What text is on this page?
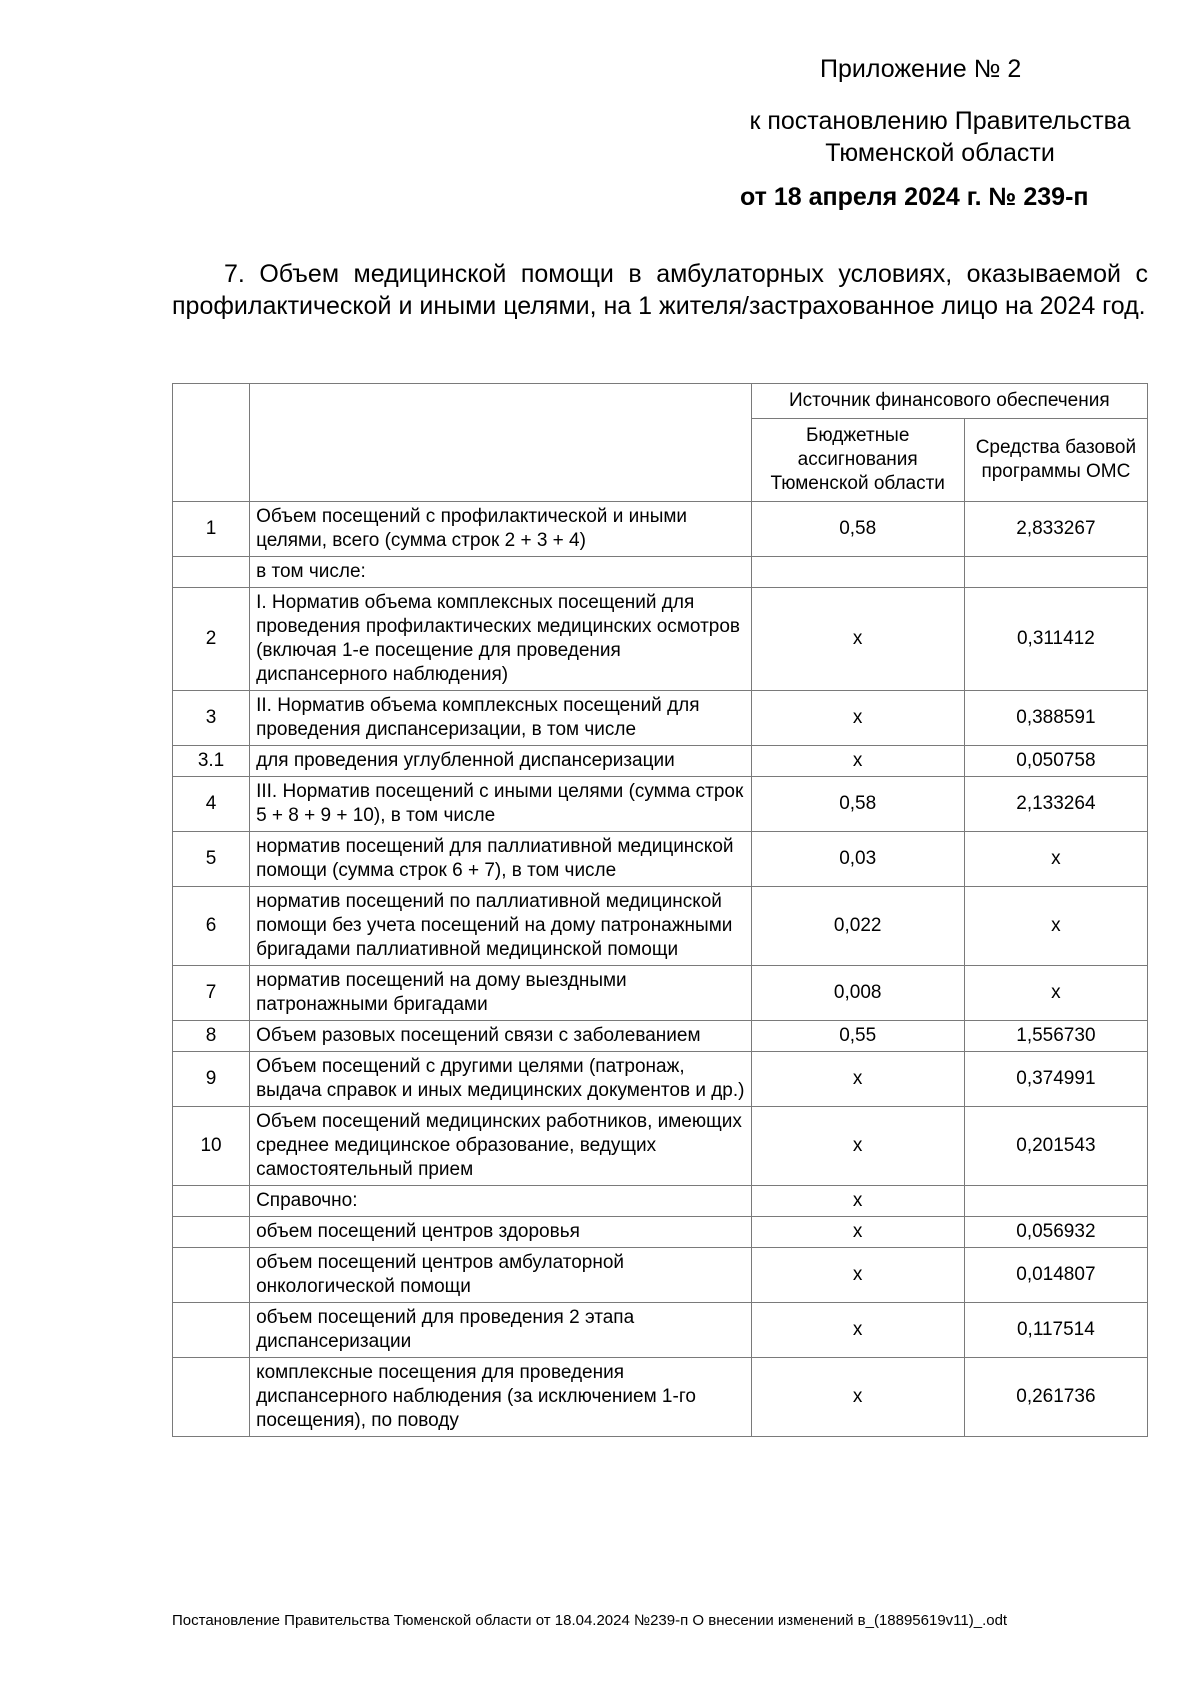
Приложение № 2
к постановлению Правительства
Тюменской области
от 18 апреля 2024 г. № 239-п
7. Объем медицинской помощи в амбулаторных условиях, оказываемой с профилактической и иными целями, на 1 жителя/застрахованное лицо на 2024 год.
		Источник финансового обеспечения	
		Бюджетные ассигнования Тюменской области	Средства базовой программы ОМС
1	Объем посещений с профилактической и иными целями, всего (сумма строк 2 + 3 + 4)	0,58	2,833267
	в том числе:		
2	I. Норматив объема комплексных посещений для проведения профилактических медицинских осмотров (включая 1-е посещение для проведения диспансерного наблюдения)	х	0,311412
3	II. Норматив объема комплексных посещений для проведения диспансеризации, в том числе	х	0,388591
3.1	для проведения углубленной диспансеризации	х	0,050758
4	III. Норматив посещений с иными целями (сумма строк 5 + 8 + 9 + 10), в том числе	0,58	2,133264
5	норматив посещений для паллиативной медицинской помощи (сумма строк 6 + 7), в том числе	0,03	х
6	норматив посещений по паллиативной медицинской помощи без учета посещений на дому патронажными бригадами паллиативной медицинской помощи	0,022	х
7	норматив посещений на дому выездными патронажными бригадами	0,008	х
8	Объем разовых посещений связи с заболеванием	0,55	1,556730
9	Объем посещений с другими целями (патронаж, выдача справок и иных медицинских документов и др.)	х	0,374991
10	Объем посещений медицинских работников, имеющих среднее медицинское образование, ведущих самостоятельный прием	х	0,201543
	Справочно:	х	
	объем посещений центров здоровья	х	0,056932
	объем посещений центров амбулаторной онкологической помощи	х	0,014807
	объем посещений для проведения 2 этапа диспансеризации	х	0,117514
	комплексные посещения для проведения диспансерного наблюдения (за исключением 1-го посещения), по поводу	х	0,261736
Постановление Правительства Тюменской области от 18.04.2024 №239-п О внесении изменений в_(18895619v11)_.odt
